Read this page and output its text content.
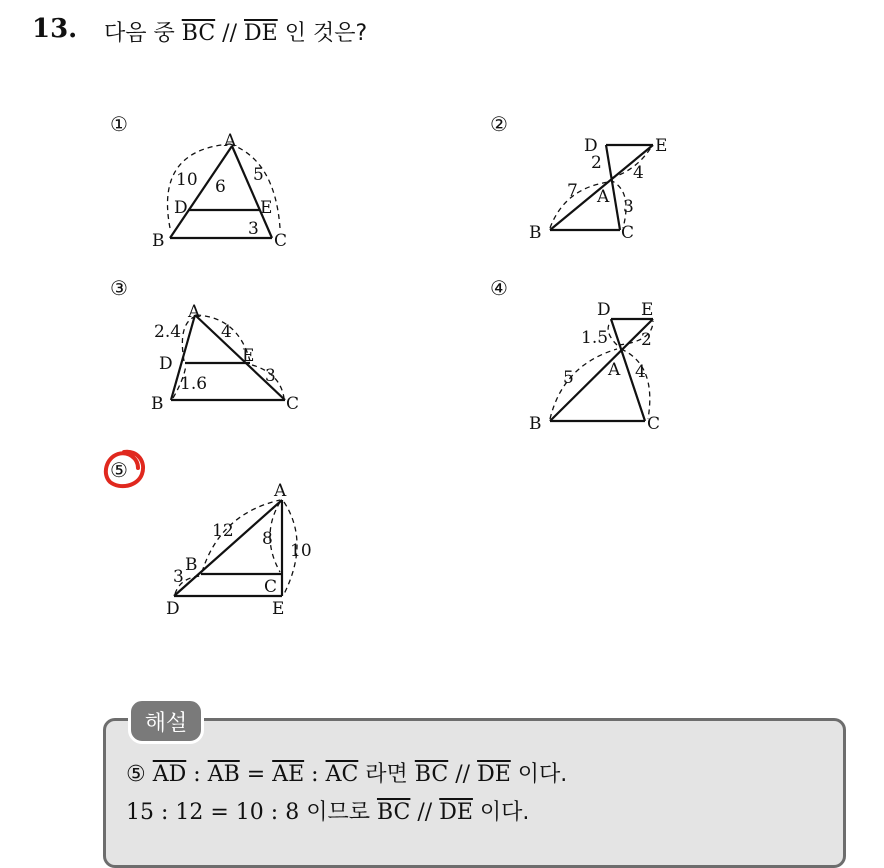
13. 다음 중 $\overline{BC} // \overline{DE}$ 인 것은?
①
A
B	C
D	E
10 6
5
3
②
D	E
A
B	C
2 4
7
3
③
A
B	C
D	E
2.4 4
1.6	3
④
D E
A
B	C
1.5 2
5	4
⑤
A
B
C
D	E
12 8
10
3
해설
⑤ $\overline{AD}$ : $\overline{AB} = \overline{AE}$ : $\overline{AC}$ 라면 $\overline{BC} // \overline{DE}$ 이다.
15 : 12 = 10 : 8 이므로 $\overline{BC} // \overline{DE}$ 이다.
